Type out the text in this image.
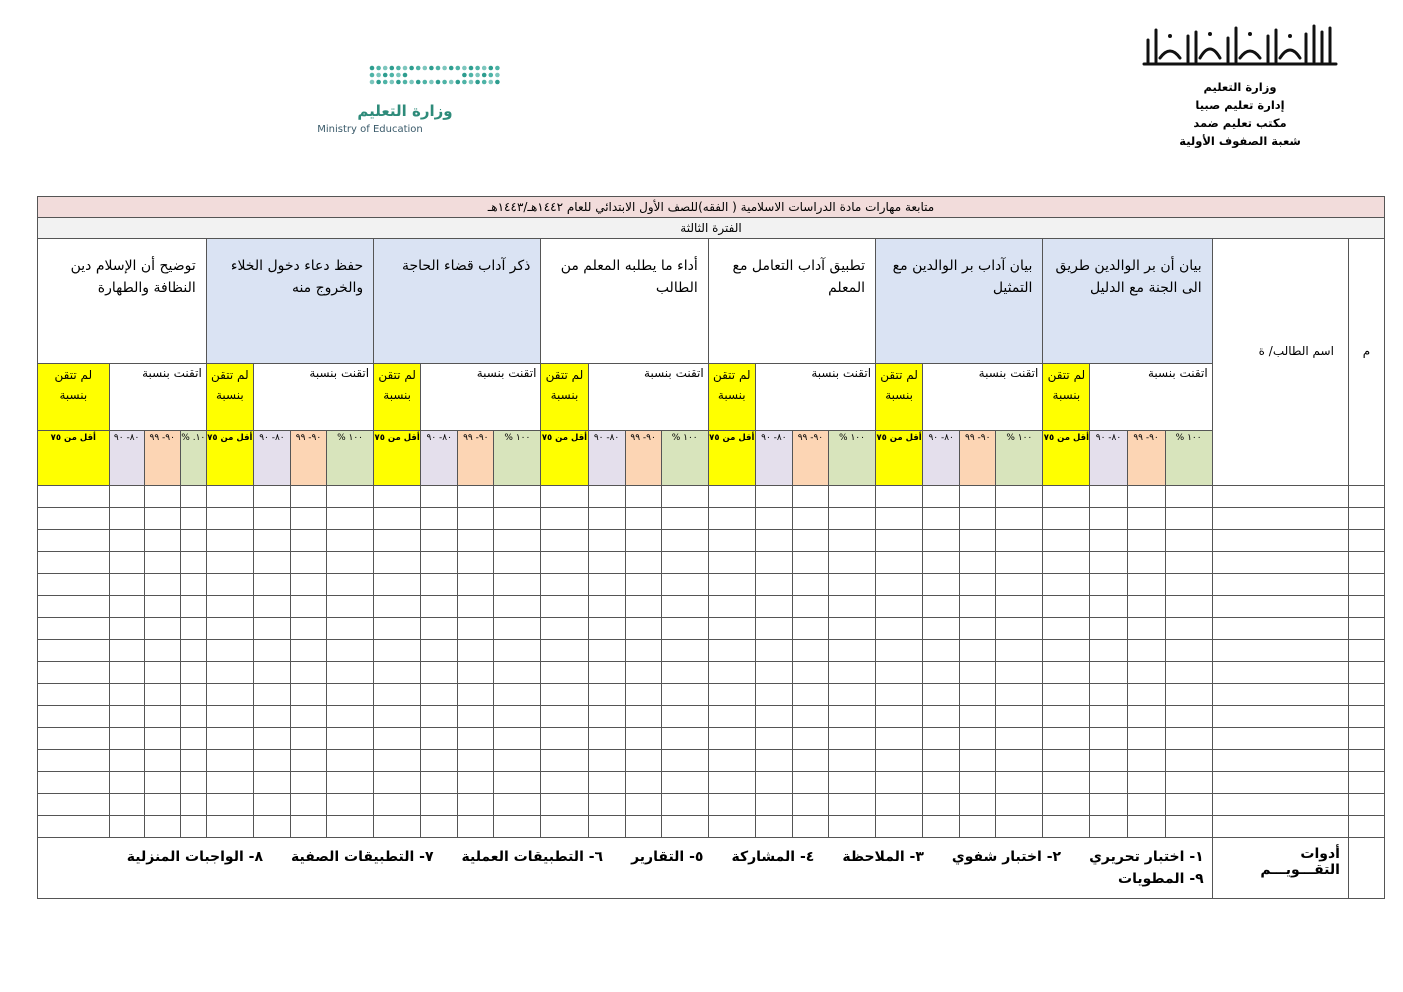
وزارة التعليم
إدارة تعليم صبيا
مكتب تعليم ضمد
شعبة الصفوف الأولية
وزارة التعليم
Ministry of Education
متابعة مهارات مادة الدراسات الاسلامية ( الفقه)للصف الأول الابتدائي للعام ١٤٤٢هـ/١٤٤٣هـ																													
الفترة الثالثة																													
م	اسم الطالب/ ة	بيان أن بر الوالدين طريق الى الجنة مع الدليل				بيان آداب بر الوالدين مع التمثيل				تطبيق آداب التعامل مع المعلم				أداء ما يطلبه المعلم من الطالب				ذكر آداب قضاء الحاجة				حفظ دعاء دخول الخلاء والخروج منه				توضيح أن الإسلام دين النظافة والطهارة			
		اتقنت بنسبة			لم تتقن بنسبة	اتقنت بنسبة			لم تتقن بنسبة	اتقنت بنسبة			لم تتقن بنسبة	اتقنت بنسبة			لم تتقن بنسبة	اتقنت بنسبة			لم تتقن بنسبة	اتقنت بنسبة			لم تتقن بنسبة	اتقنت بنسبة			لم تتقن بنسبة
		١٠٠ %	٩٠- ٩٩	٨٠- ٩٠	أقل من ٧٥	١٠٠ %	٩٠- ٩٩	٨٠- ٩٠	أقل من ٧٥	١٠٠ %	٩٠- ٩٩	٨٠- ٩٠	أقل من ٧٥	١٠٠ %	٩٠- ٩٩	٨٠- ٩٠	أقل من ٧٥	١٠٠ %	٩٠- ٩٩	٨٠- ٩٠	أقل من ٧٥	١٠٠ %	٩٠- ٩٩	٨٠- ٩٠	أقل من ٧٥	١٠. %	٩٠- ٩٩	٨٠- ٩٠	أقل من ٧٥

	أدوات التقـــويـــم	١- اختبار تحريري٢- اختبار شفوي٣- الملاحظة٤- المشاركة٥- التقارير٦- التطبيقات العملية٧- التطبيقات الصفية٨- الواجبات المنزلية٩- المطويات																											
